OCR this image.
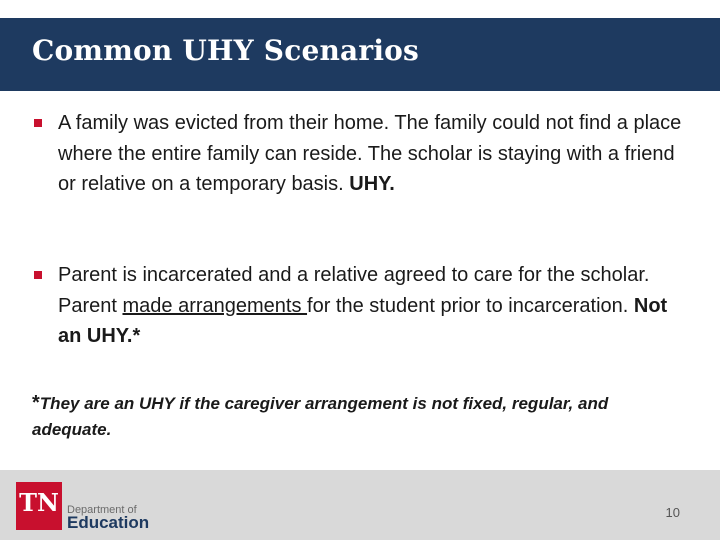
Common UHY Scenarios
A family was evicted from their home. The family could not find a place where the entire family can reside. The scholar is staying with a friend or relative on a temporary basis. UHY.
Parent is incarcerated and a relative agreed to care for the scholar. Parent made arrangements for the student prior to incarceration. Not an UHY.*
*They are an UHY if the caregiver arrangement is not fixed, regular, and adequate.
TN Department of
Education
10
